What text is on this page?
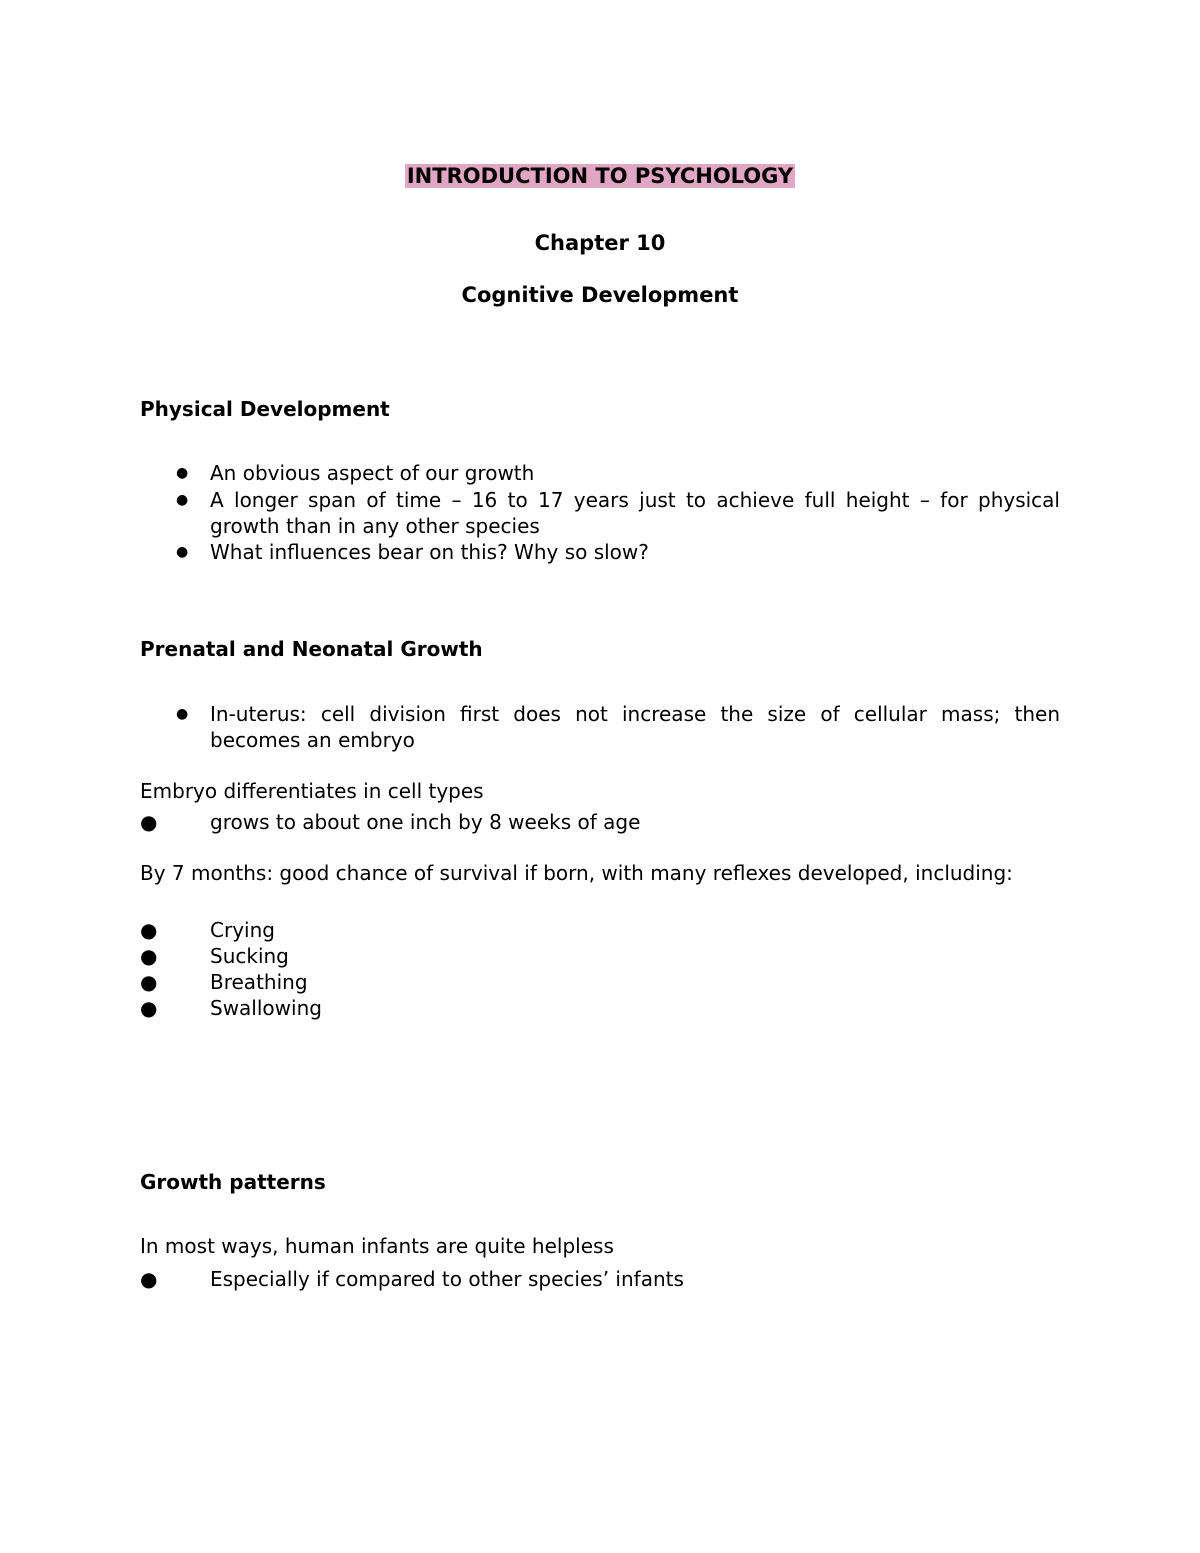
INTRODUCTION TO PSYCHOLOGY
Chapter 10
Cognitive Development
Physical Development
● An obvious aspect of our growth
● A longer span of time – 16 to 17 years just to achieve full height – for physical growth than in any other species
● What influences bear on this? Why so slow?
Prenatal and Neonatal Growth
● In-uterus: cell division first does not increase the size of cellular mass; then becomes an embryo
Embryo differentiates in cell types
●	grows to about one inch by 8 weeks of age
By 7 months: good chance of survival if born, with many reflexes developed, including:
●	Crying
●	Sucking
●	Breathing
●	Swallowing
Growth patterns
In most ways, human infants are quite helpless
●	Especially if compared to other species’ infants
